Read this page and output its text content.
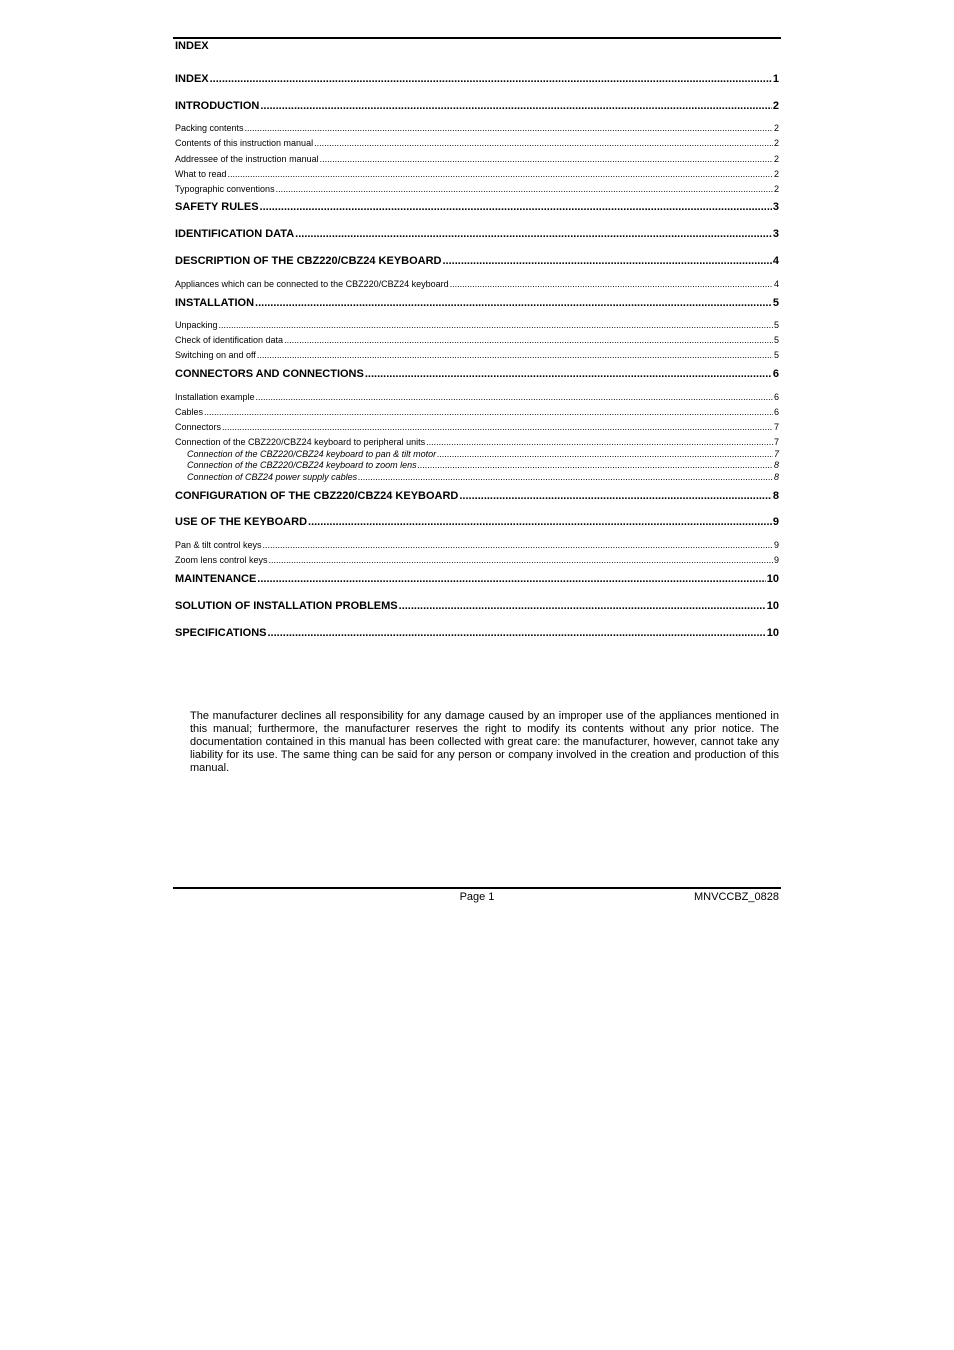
INDEX
INDEX .....	1
INTRODUCTION .....	2
Packing contents .....	2
Contents of this instruction manual .....	2
Addressee of the instruction manual .....	2
What to read .....	2
Typographic conventions .....	2
SAFETY RULES .....	3
IDENTIFICATION DATA .....	3
DESCRIPTION OF THE CBZ220/CBZ24 KEYBOARD .....	4
Appliances which can be connected to the CBZ220/CBZ24 keyboard .....	4
INSTALLATION .....	5
Unpacking .....	5
Check of identification data .....	5
Switching on and off .....	5
CONNECTORS AND CONNECTIONS .....	6
Installation example .....	6
Cables .....	6
Connectors .....	7
Connection of the CBZ220/CBZ24 keyboard to peripheral units .....	7
Connection of the CBZ220/CBZ24 keyboard to pan & tilt motor .....	7
Connection of the CBZ220/CBZ24 keyboard to zoom lens .....	8
Connection of CBZ24 power supply cables .....	8
CONFIGURATION OF THE CBZ220/CBZ24 KEYBOARD .....	8
USE OF THE KEYBOARD .....	9
Pan & tilt control keys .....	9
Zoom lens control keys .....	9
MAINTENANCE .....	10
SOLUTION OF INSTALLATION PROBLEMS .....	10
SPECIFICATIONS .....	10
The manufacturer declines all responsibility for any damage caused by an improper use of the appliances mentioned in this manual; furthermore, the manufacturer reserves the right to modify its contents without any prior notice. The documentation contained in this manual has been collected with great care: the manufacturer, however, cannot take any liability for its use. The same thing can be said for any person or company involved in the creation and production of this manual.
Page 1	MNVCCBZ_0828
